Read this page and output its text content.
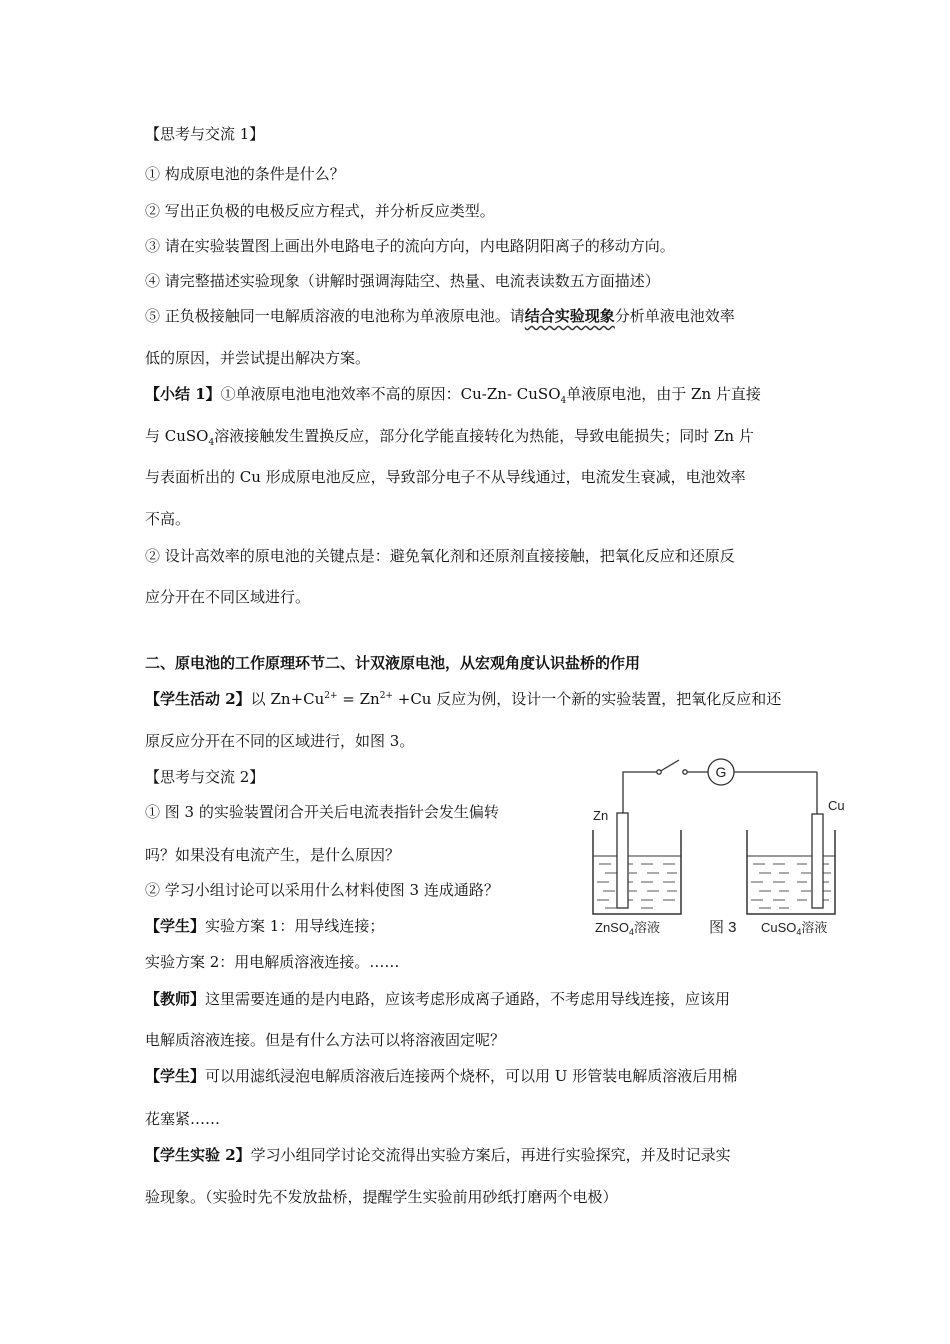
【思考与交流 1】
① 构成原电池的条件是什么？
② 写出正负极的电极反应方程式，并分析反应类型。
③ 请在实验装置图上画出外电路电子的流向方向，内电路阴阳离子的移动方向。
④ 请完整描述实验现象（讲解时强调海陆空、热量、电流表读数五方面描述）
⑤ 正负极接触同一电解质溶液的电池称为单液原电池。请结合实验现象分析单液电池效率
低的原因，并尝试提出解决方案。
【小结 1】①单液原电池电池效率不高的原因：Cu-Zn- CuSO$_4$单液原电池，由于 Zn 片直接
与 CuSO$_4$溶液接触发生置换反应，部分化学能直接转化为热能，导致电能损失；同时 Zn 片
与表面析出的 Cu 形成原电池反应，导致部分电子不从导线通过，电流发生衰减，电池效率
不高。
② 设计高效率的原电池的关键点是：避免氧化剂和还原剂直接接触，把氧化反应和还原反
应分开在不同区域进行。
二、原电池的工作原理环节二、计双液原电池，从宏观角度认识盐桥的作用
【学生活动 2】以 $Zn+Cu^{2+} = Zn^{2+} +Cu$ 反应为例，设计一个新的实验装置，把氧化反应和还
原反应分开在不同的区域进行，如图 3。
【思考与交流 2】
① 图 3 的实验装置闭合开关后电流表指针会发生偏转
吗？如果没有电流产生，是什么原因？
② 学习小组讨论可以采用什么材料使图 3 连成通路？
【学生】实验方案 1：用导线连接；
实验方案 2：用电解质溶液连接。……
【教师】这里需要连通的是内电路，应该考虑形成离子通路，不考虑用导线连接，应该用
电解质溶液连接。但是有什么方法可以将溶液固定呢？
【学生】可以用滤纸浸泡电解质溶液后连接两个烧杯，可以用 U 形管装电解质溶液后用棉
花塞紧……
【学生实验 2】学习小组同学讨论交流得出实验方案后，再进行实验探究，并及时记录实
验现象。（实验时先不发放盐桥，提醒学生实验前用砂纸打磨两个电极）
G
Zn
Cu
ZnSO$_4$溶液	图 3 CuSO$_4$溶液
